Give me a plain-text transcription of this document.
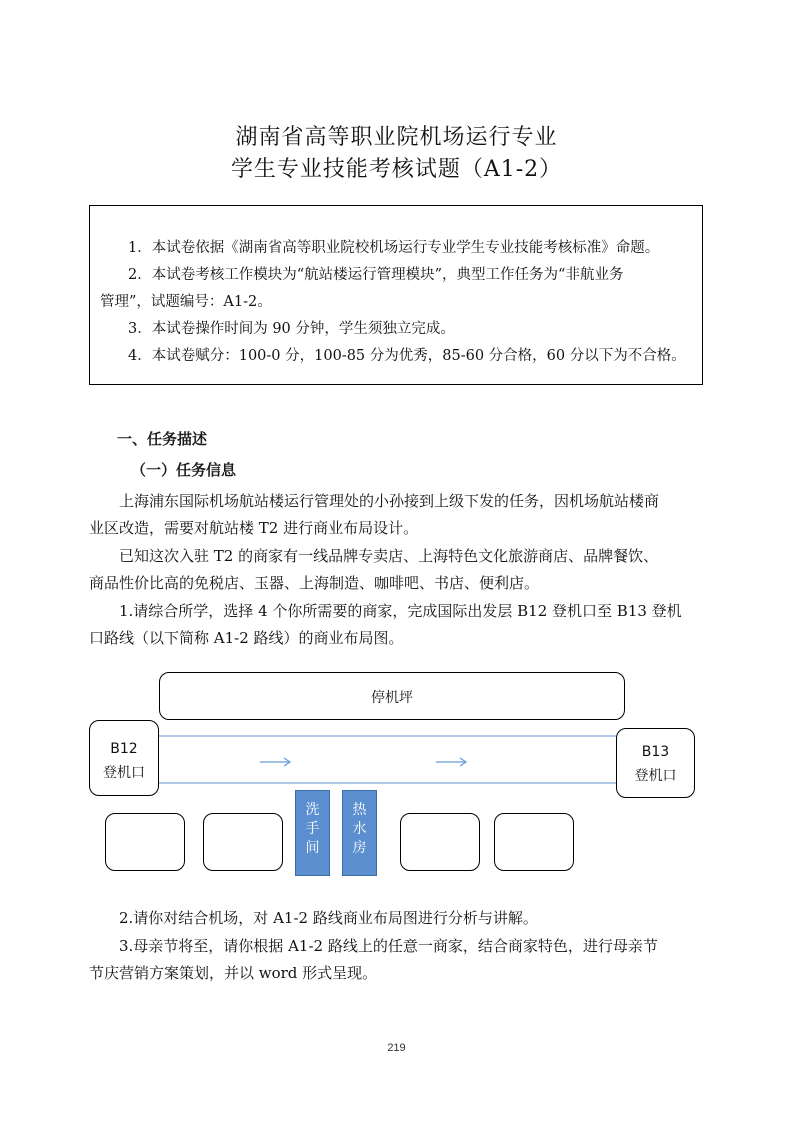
湖南省高等职业院机场运行专业
学生专业技能考核试题（A1-2）
1．本试卷依据《湖南省高等职业院校机场运行专业学生专业技能考核标准》命题。
2．本试卷考核工作模块为“航站楼运行管理模块”，典型工作任务为“非航业务
管理”，试题编号：A1-2。
3．本试卷操作时间为 90 分钟，学生须独立完成。
4．本试卷赋分：100-0 分，100-85 分为优秀，85-60 分合格，60 分以下为不合格。
一、任务描述
（一）任务信息
上海浦东国际机场航站楼运行管理处的小孙接到上级下发的任务，因机场航站楼商
业区改造，需要对航站楼 T2 进行商业布局设计。
已知这次入驻 T2 的商家有一线品牌专卖店、上海特色文化旅游商店、品牌餐饮、
商品性价比高的免税店、玉器、上海制造、咖啡吧、书店、便利店。
1.请综合所学，选择 4 个你所需要的商家，完成国际出发层 B12 登机口至 B13 登机
口路线（以下简称 A1-2 路线）的商业布局图。
停机坪
B12
登机口
B13
登机口
洗
手
间
热
水
房
2.请你对结合机场，对 A1-2 路线商业布局图进行分析与讲解。
3.母亲节将至，请你根据 A1-2 路线上的任意一商家，结合商家特色，进行母亲节
节庆营销方案策划，并以 word 形式呈现。
219
